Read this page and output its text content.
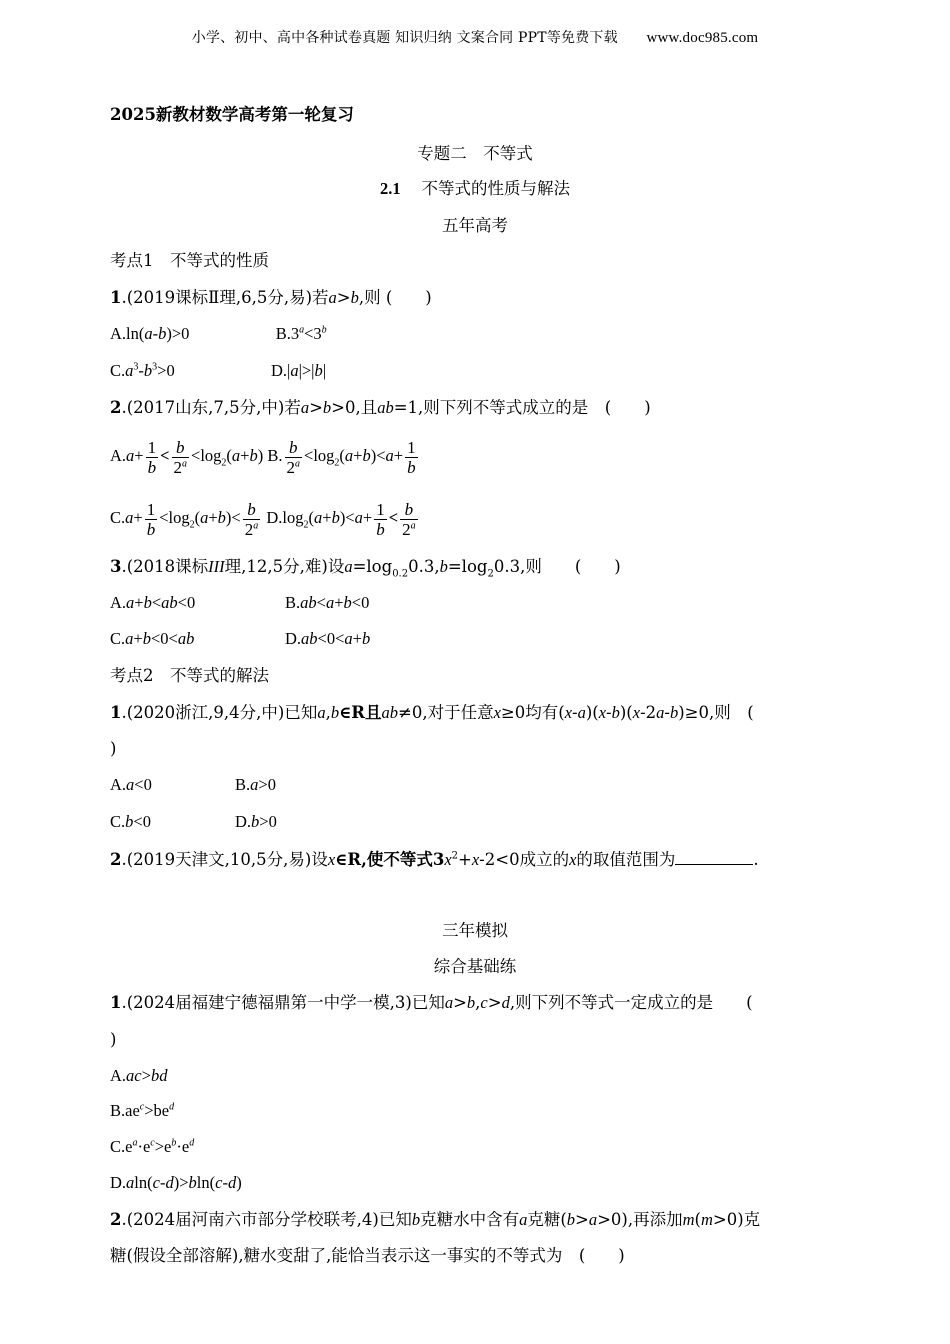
小学、初中、高中各种试卷真题 知识归纳 文案合同 PPT等免费下载 www.doc985.com
2025新教材数学高考第一轮复习
专题二　不等式
2.1 不等式的性质与解法
五年高考
考点1　不等式的性质
1.(2019课标Ⅱ理,6,5分,易)若a>b,则 (　　)
A.ln(a-b)>0	$B.3^a<3^b$
$C.a^3-b^3>0$	D.|a|>|b|
2.(2017山东,7,5分,中)若a>b>0,且ab=1,则下列不等式成立的是　(　　)
$A.a+ \frac{1}{b} < \frac{b}{2^a} <\log_2(a+b)$ B. $\frac{b}{2^a} <\log_2(a+b)<a+ \frac{1}{b}$
$C.a+ \frac{1}{b} <\log_2(a+b)< \frac{b}{2^a} D.\log_2(a+b)<a+ \frac{1}{b} < \frac{b}{2^a}$
3.(2018课标III理,12,5分,难)设$a=\log_{0.2}0.3,b=\log_20.3$,则　　(　　)
A.a+b<ab<0	B.ab<a+b<0
C.a+b<0<ab	D.ab<0<a+b
考点2　不等式的解法
1.(2020浙江,9,4分,中)已知a,b∈R且ab≠0,对于任意x≥0均有(x-a)(x-b)(x-2a-b)≥0,则　(
)
A.a<0	B.a>0
C.b<0	D.b>0
2.(2019天津文,10,5分,易)设x∈R,使不等式$3x^2+x-2<0$成立的x的取值范围为	.
三年模拟
综合基础练
1.(2024届福建宁德福鼎第一中学一模,3)已知a>b,c>d,则下列不等式一定成立的是　　(
)
A.ac>bd
$B.ae^c>be^d$
$C.e^a\cdot e^c>e^b\cdot e^d$
D.aln(c-d)>bln(c-d)
2.(2024届河南六市部分学校联考,4)已知b克糖水中含有a克糖(b>a>0),再添加m(m>0)克
糖(假设全部溶解),糖水变甜了,能恰当表示这一事实的不等式为　(　　)
